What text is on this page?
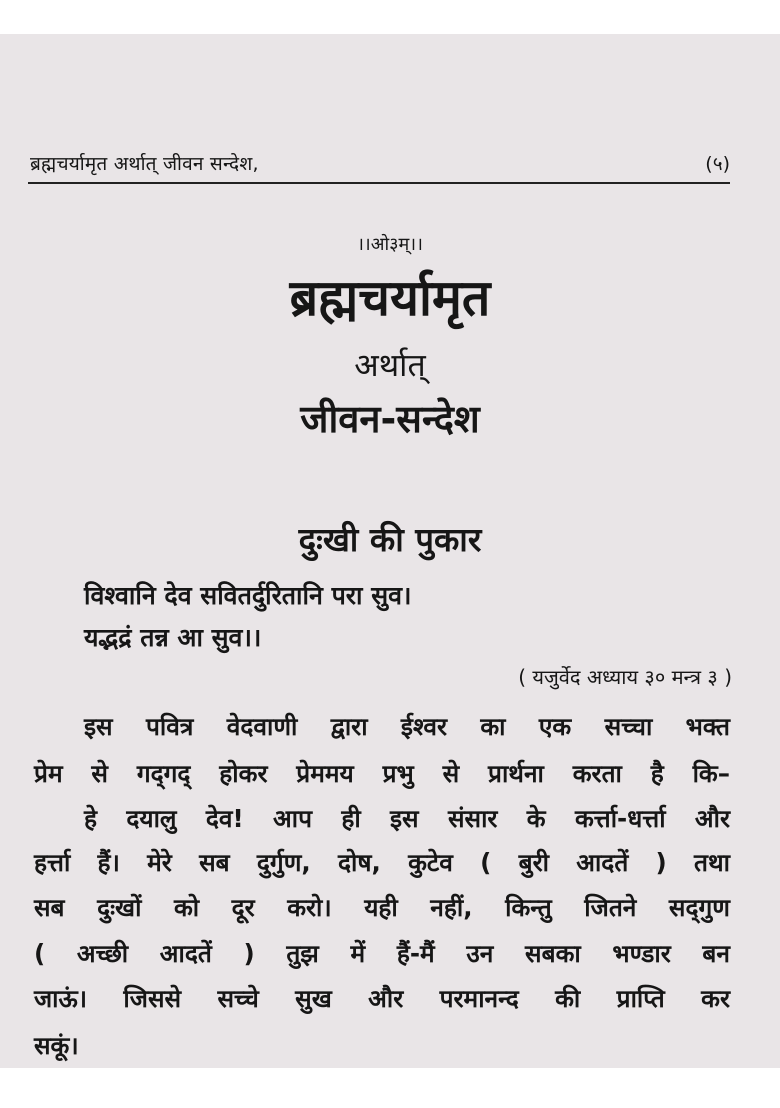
ब्रह्मचर्यामृत अर्थात् जीवन सन्देश,	(५)
।।ओ३म्।।
ब्रह्मचर्यामृत
अर्थात्
जीवन-सन्देश
दुःखी की पुकार
विश्वानि देव सवितर्दुरितानि परा सुव।
यद्भद्रं तन्न आ सुव।।
( यजुर्वेद अध्याय ३० मन्त्र ३ )
इस पवित्र वेदवाणी द्वारा ईश्वर का एक सच्चा भक्त
प्रेम से गद्‌गद् होकर प्रेममय प्रभु से प्रार्थना करता है कि–
हे दयालु देव! आप ही इस संसार के कर्त्ता-धर्त्ता और
हर्त्ता हैं। मेरे सब दुर्गुण, दोष, कुटेव ( बुरी आदतें ) तथा
सब दुःखों को दूर करो। यही नहीं, किन्तु जितने सद्‌गुण
( अच्छी आदतें ) तुझ में हैं-मैं उन सबका भण्डार बन
जाऊं। जिससे सच्चे सुख और परमानन्द की प्राप्ति कर
सकूं।
